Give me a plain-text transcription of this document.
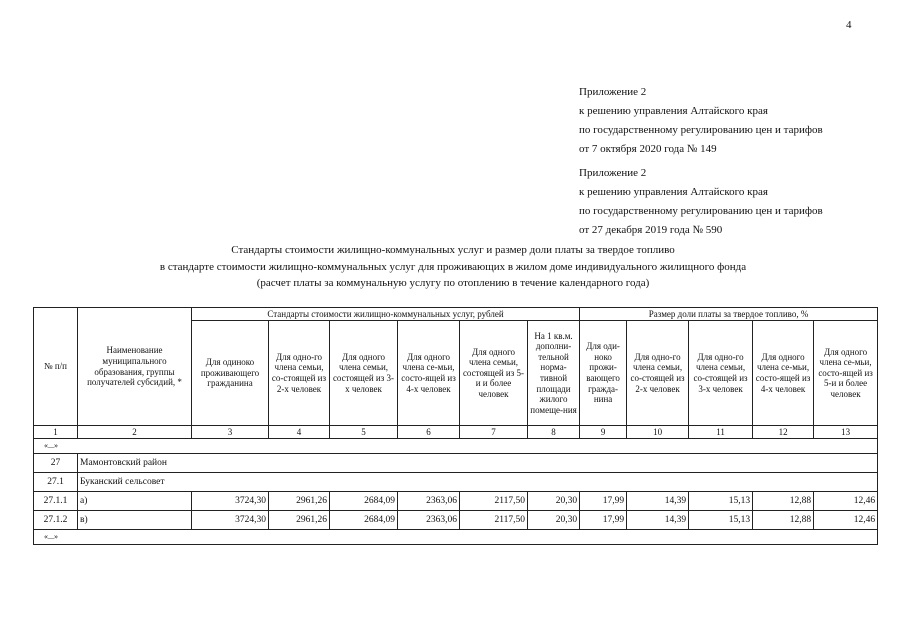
4
Приложение 2
к решению управления Алтайского края
по государственному регулированию цен и тарифов
от 7 октября 2020 года № 149
Приложение 2
к решению управления Алтайского края
по государственному регулированию цен и тарифов
от 27 декабря 2019 года № 590
Стандарты стоимости жилищно-коммунальных услуг и размер доли платы за твердое топливо
в стандарте стоимости жилищно-коммунальных услуг для проживающих в жилом доме индивидуального жилищного фонда
(расчет платы за коммунальную услугу по отоплению в течение календарного года)
№ п/п	Наименование муниципального образования, группы получателей субсидий, *	Стандарты стоимости жилищно-коммунальных услуг, рублей						Размер доли платы за твердое топливо, %				
		Для одиноко проживающего гражданина	Для одно-го члена семьи, со-стоящей из 2-х человек	Для одного члена семьи, состоящей из 3-х человек	Для одного члена се-мьи, состо-ящей из 4-х человек	Для одного члена семьи, состоящей из 5-и и более человек	На 1 кв.м. дополни-тельной норма-тивной площади жилого помеще-ния	Для оди-ноко прожи-вающего гражда-нина	Для одно-го члена семьи, со-стоящей из 2-х человек	Для одно-го члена семьи, со-стоящей из 3-х человек	Для одного члена се-мьи, состо-ящей из 4-х человек	Для одного члена се-мьи, состо-ящей из 5-и и более человек
1	2	3	4	5	6	7	8	9	10	11	12	13
«...»												
27	Мамонтовский район											
27.1	Буканский сельсовет											
27.1.1	а)	3724,30	2961,26	2684,09	2363,06	2117,50	20,30	17,99	14,39	15,13	12,88	12,46
27.1.2	в)	3724,30	2961,26	2684,09	2363,06	2117,50	20,30	17,99	14,39	15,13	12,88	12,46
«...»												
